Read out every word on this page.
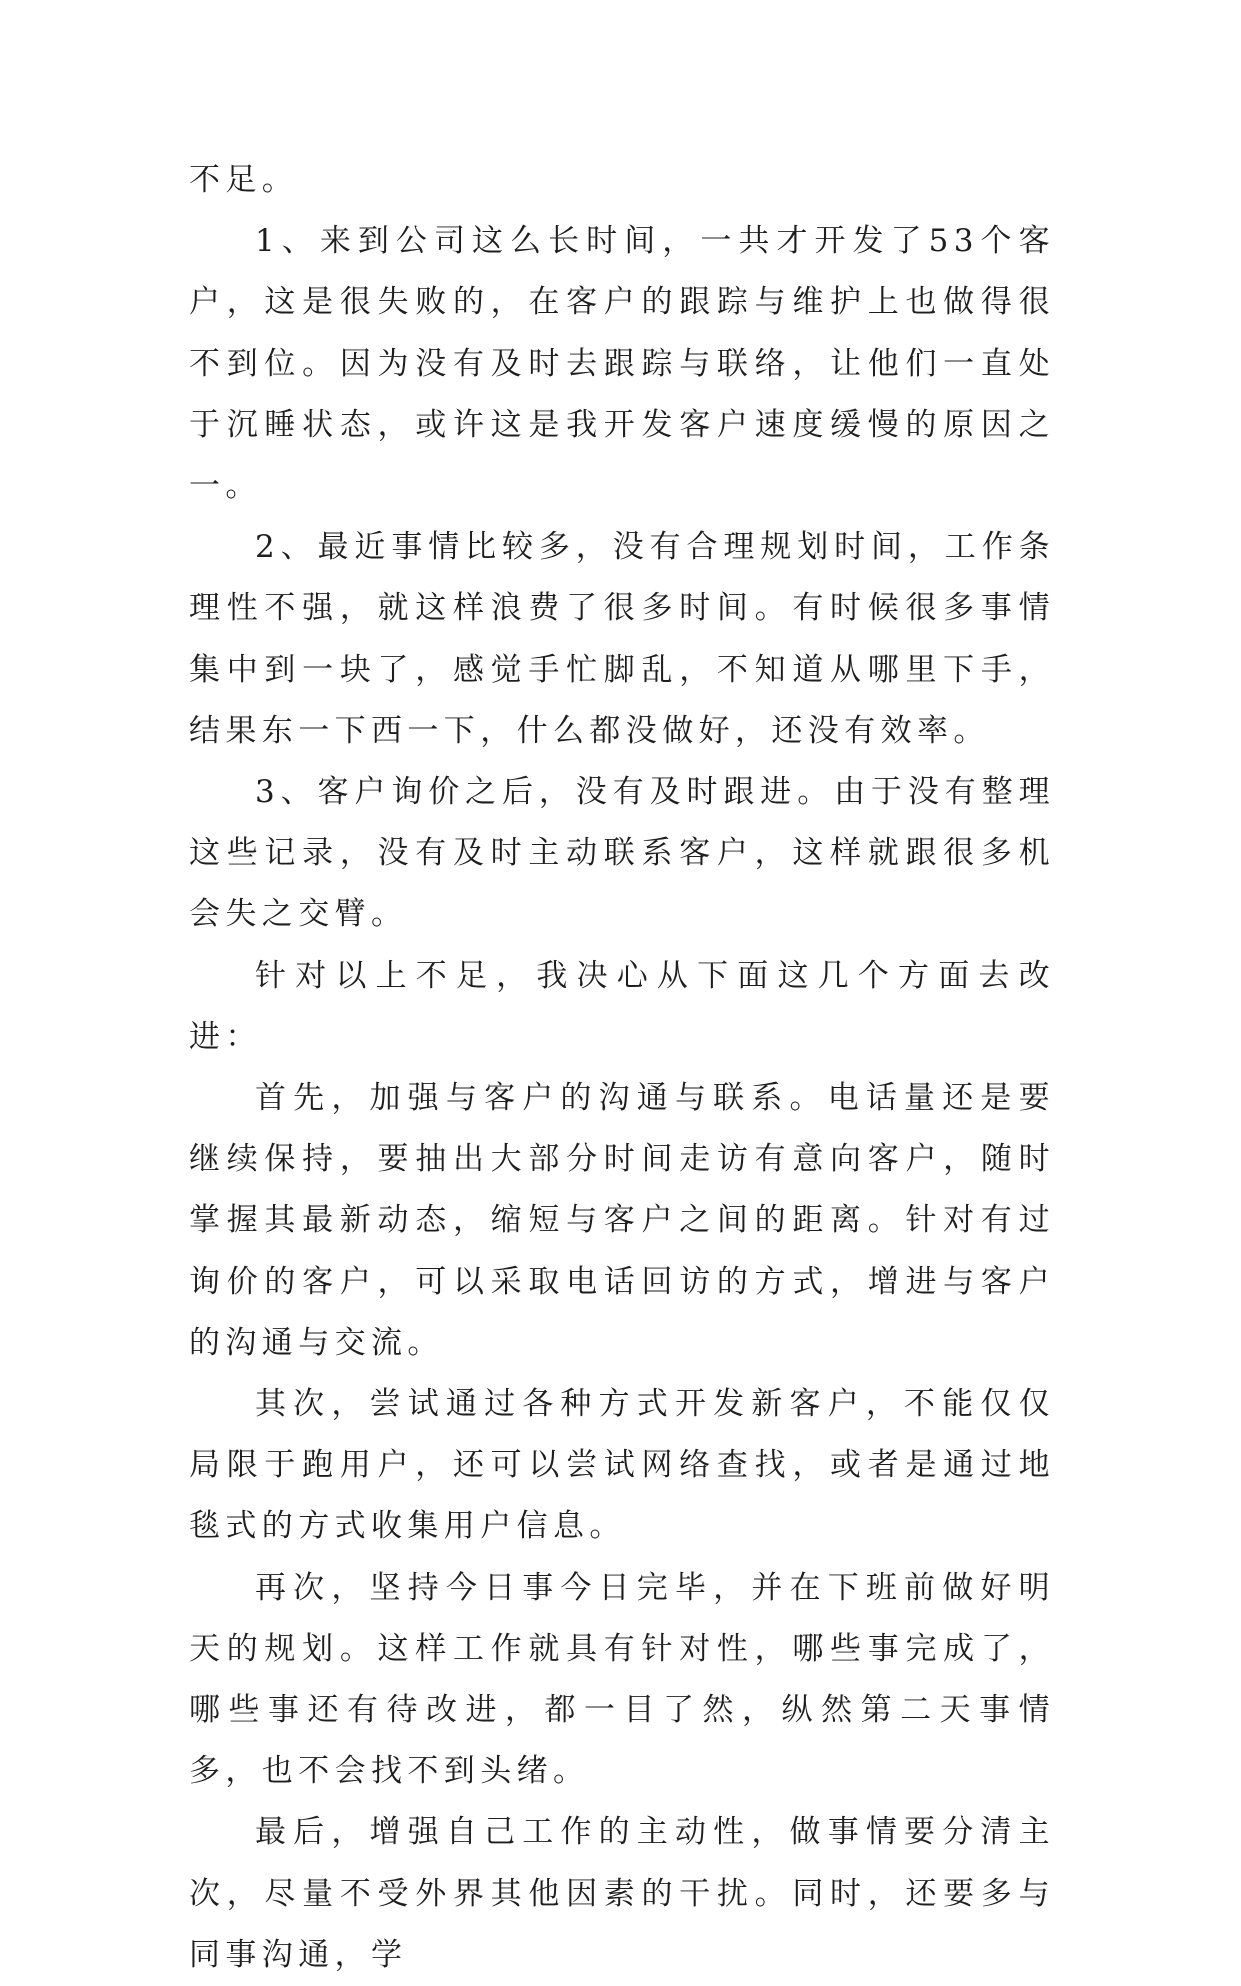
不足。

1、来到公司这么长时间，一共才开发了53个客户，这是很失败的，在客户的跟踪与维护上也做得很不到位。因为没有及时去跟踪与联络，让他们一直处于沉睡状态，或许这是我开发客户速度缓慢的原因之一。

2、最近事情比较多，没有合理规划时间，工作条理性不强，就这样浪费了很多时间。有时候很多事情集中到一块了，感觉手忙脚乱，不知道从哪里下手，结果东一下西一下，什么都没做好，还没有效率。

3、客户询价之后，没有及时跟进。由于没有整理这些记录，没有及时主动联系客户，这样就跟很多机会失之交臂。

针对以上不足，我决心从下面这几个方面去改进：

首先，加强与客户的沟通与联系。电话量还是要继续保持，要抽出大部分时间走访有意向客户，随时掌握其最新动态，缩短与客户之间的距离。针对有过询价的客户，可以采取电话回访的方式，增进与客户的沟通与交流。

其次，尝试通过各种方式开发新客户，不能仅仅局限于跑用户，还可以尝试网络查找，或者是通过地毯式的方式收集用户信息。

再次，坚持今日事今日完毕，并在下班前做好明天的规划。这样工作就具有针对性，哪些事完成了，哪些事还有待改进，都一目了然，纵然第二天事情多，也不会找不到头绪。

最后，增强自己工作的主动性，做事情要分清主次，尽量不受外界其他因素的干扰。同时，还要多与同事沟通，学
